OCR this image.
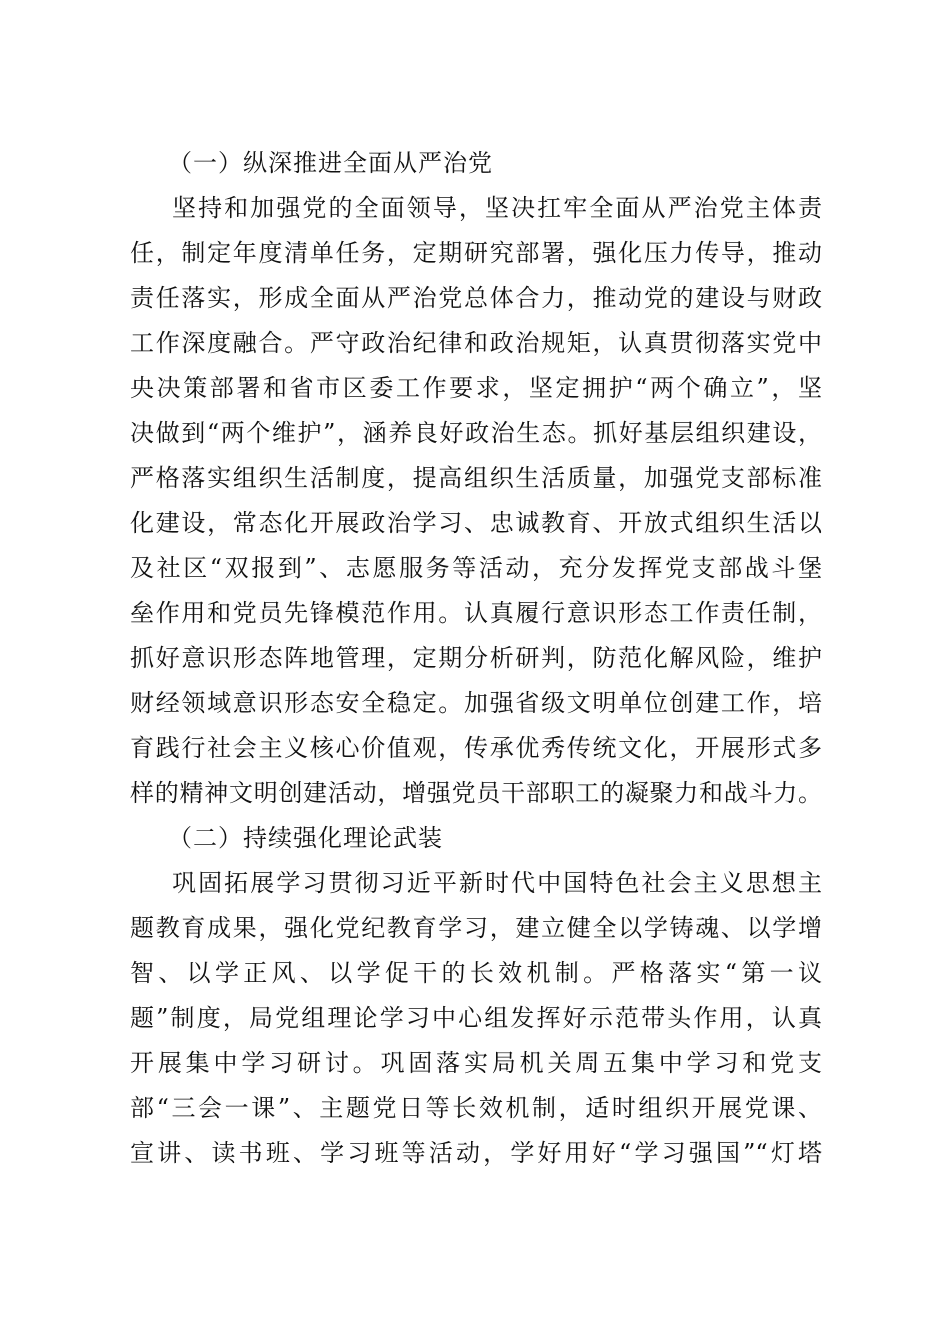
（一）纵深推进全面从严治党
坚持和加强党的全面领导，坚决扛牢全面从严治党主体责
任，制定年度清单任务，定期研究部署，强化压力传导，推动
责任落实，形成全面从严治党总体合力，推动党的建设与财政
工作深度融合。严守政治纪律和政治规矩，认真贯彻落实党中
央决策部署和省市区委工作要求，坚定拥护“两个确立”，坚
决做到“两个维护”，涵养良好政治生态。抓好基层组织建设，
严格落实组织生活制度，提高组织生活质量，加强党支部标准
化建设，常态化开展政治学习、忠诚教育、开放式组织生活以
及社区“双报到”、志愿服务等活动，充分发挥党支部战斗堡
垒作用和党员先锋模范作用。认真履行意识形态工作责任制，
抓好意识形态阵地管理，定期分析研判，防范化解风险，维护
财经领域意识形态安全稳定。加强省级文明单位创建工作，培
育践行社会主义核心价值观，传承优秀传统文化，开展形式多
样的精神文明创建活动，增强党员干部职工的凝聚力和战斗力。
（二）持续强化理论武装
巩固拓展学习贯彻习近平新时代中国特色社会主义思想主
题教育成果，强化党纪教育学习，建立健全以学铸魂、以学增
智、以学正风、以学促干的长效机制。严格落实“第一议
题”制度，局党组理论学习中心组发挥好示范带头作用，认真
开展集中学习研讨。巩固落实局机关周五集中学习和党支
部“三会一课”、主题党日等长效机制，适时组织开展党课、
宣讲、读书班、学习班等活动，学好用好“学习强国”“灯塔
